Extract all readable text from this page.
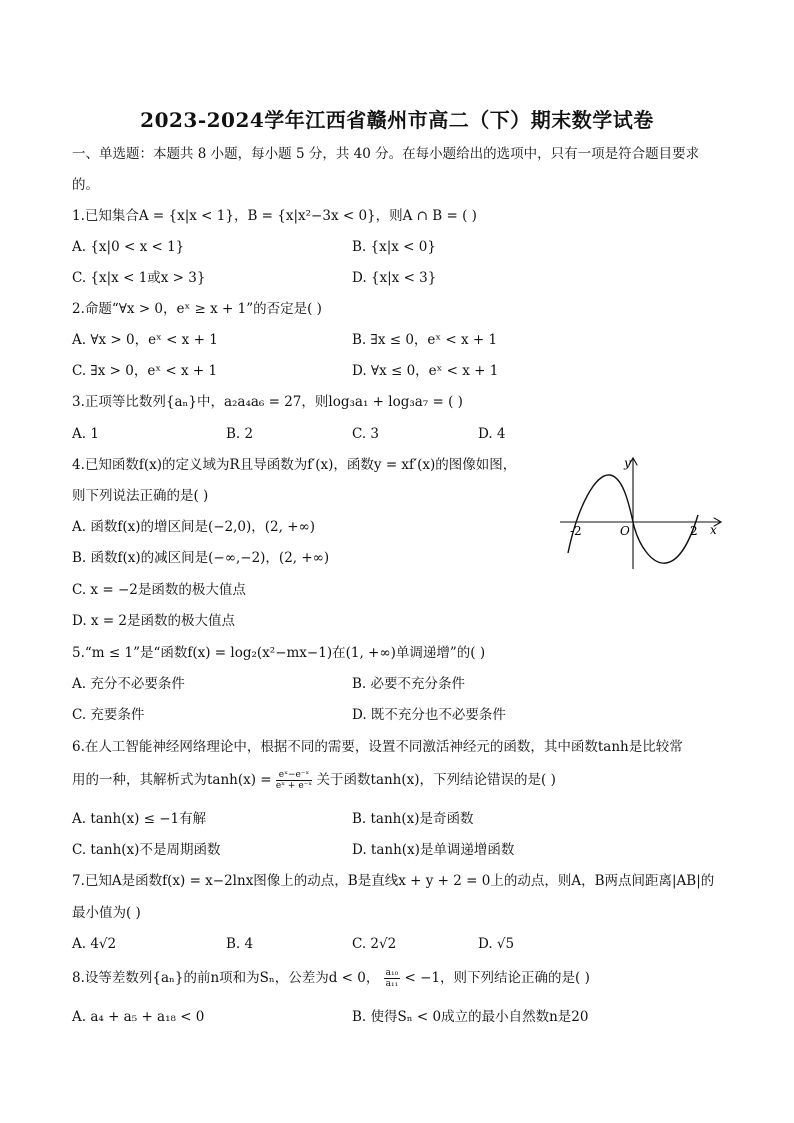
2023-2024学年江西省赣州市高二（下）期末数学试卷
一、单选题：本题共 8 小题，每小题 5 分，共 40 分。在每小题给出的选项中，只有一项是符合题目要求
的。
1.已知集合A = {x|x < 1}，B = {x|x²−3x < 0}，则A ∩ B = ( )
A. {x|0 < x < 1}	B. {x|x < 0}
C. {x|x < 1或x > 3}	D. {x|x < 3}
2.命题“∀x > 0，eˣ ≥ x + 1”的否定是( )
A. ∀x > 0，eˣ < x + 1	B. ∃x ≤ 0，eˣ < x + 1
C. ∃x > 0，eˣ < x + 1	D. ∀x ≤ 0，eˣ < x + 1
3.正项等比数列{aₙ}中，a₂a₄a₆ = 27，则log₃a₁ + log₃a₇ = ( )
A. 1	B. 2	C. 3	D. 4
4.已知函数f(x)的定义域为R且导函数为f′(x)，函数y = xf′(x)的图像如图，
则下列说法正确的是( )
A. 函数f(x)的增区间是(−2,0)，(2, +∞)
B. 函数f(x)的减区间是(−∞,−2)，(2, +∞)
C. x = −2是函数的极大值点
D. x = 2是函数的极大值点
y
x
O
-2	2
5.“m ≤ 1”是“函数f(x) = log₂(x²−mx−1)在(1, +∞)单调递增”的( )
A. 充分不必要条件	B. 必要不充分条件
C. 充要条件	D. 既不充分也不必要条件
6.在人工智能神经网络理论中，根据不同的需要，设置不同激活神经元的函数，其中函数tanh是比较常
用的一种，其解析式为$\tanh(x) = \frac{\text{eˣ−e⁻ˣ}}{\text{eˣ + e⁻ˣ}}$ 关于函数tanh(x)，下列结论错误的是( )
A. tanh(x) ≤ −1有解	B. tanh(x)是奇函数
C. tanh(x)不是周期函数	D. tanh(x)是单调递增函数
7.已知A是函数f(x) = x−2lnx图像上的动点，B是直线x + y + 2 = 0上的动点，则A，B两点间距离|AB|的
最小值为( )
A. 4√2	B. 4	C. 2√2	D. √5
8.设等差数列{aₙ}的前n项和为Sₙ，公差为d < 0， $\frac{\text{a₁₀}}{\text{a₁₁}} < -1$，则下列结论正确的是( )
A. a₄ + a₅ + a₁₈ < 0	B. 使得Sₙ < 0成立的最小自然数n是20
